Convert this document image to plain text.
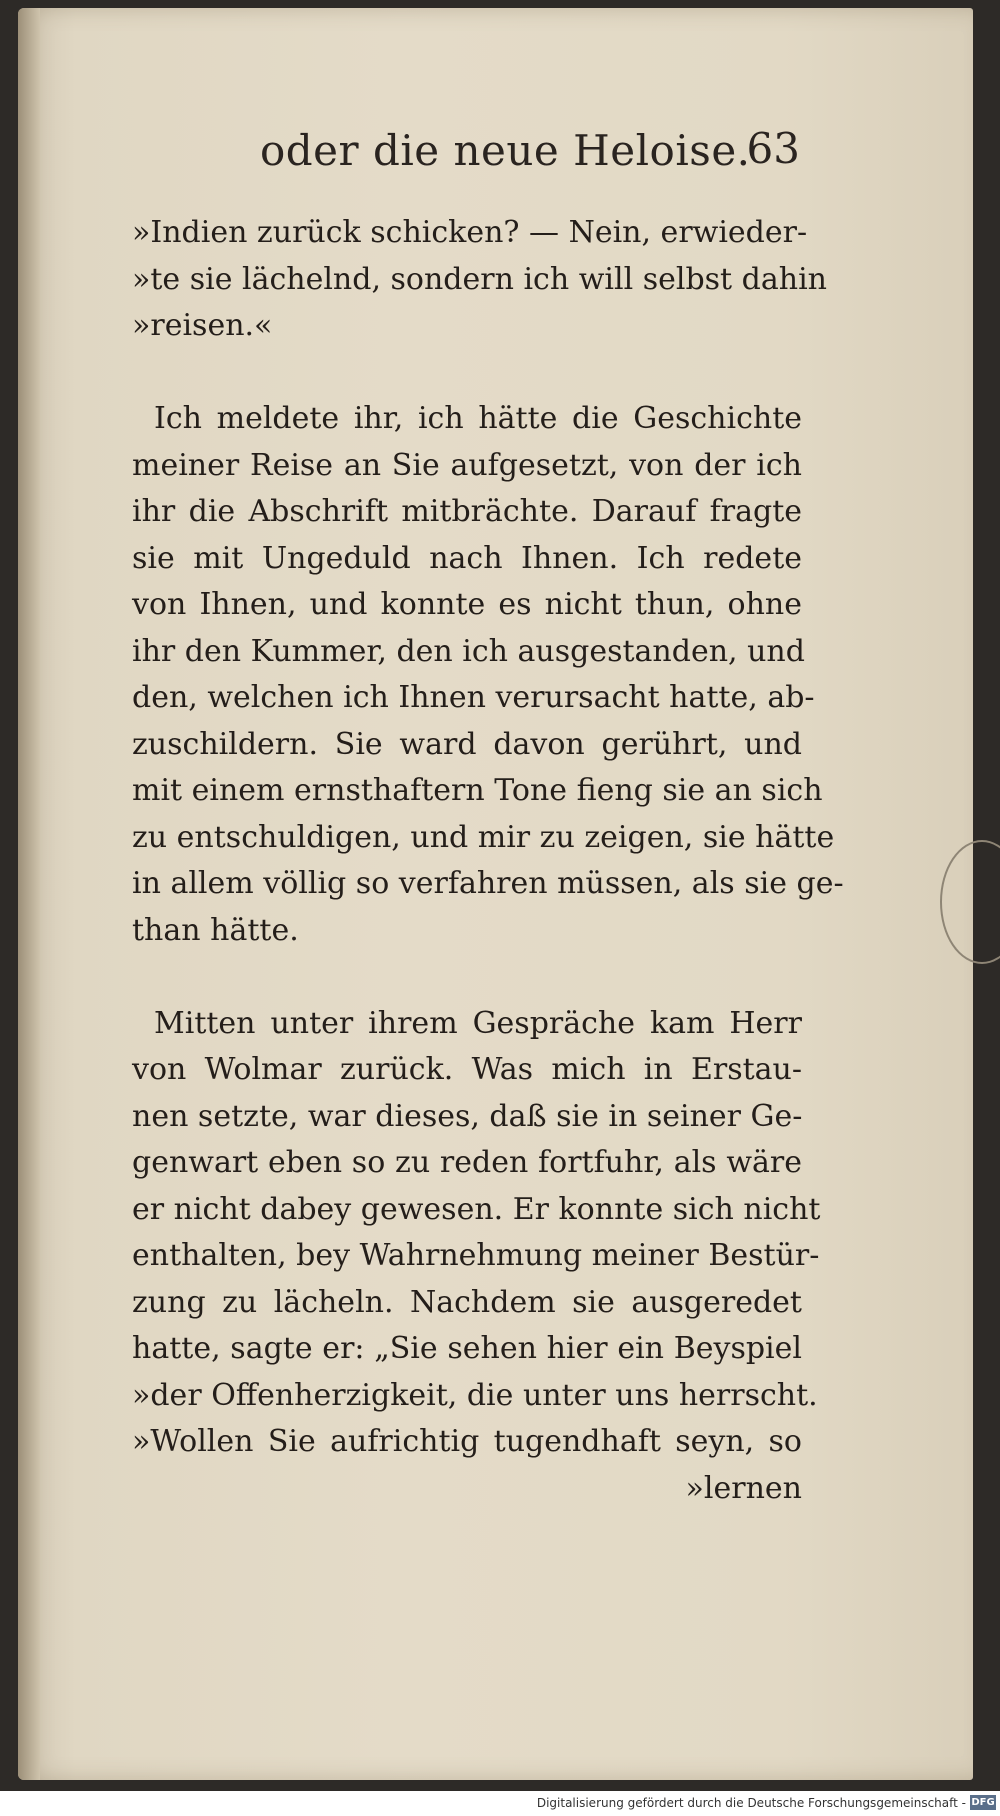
oder die neue Heloise.
63
»Indien zurück schicken? — Nein, erwieder-
»te sie lächelnd, sondern ich will selbst dahin
»reisen.«
Ich meldete ihr, ich hätte die Geschichte
meiner Reise an Sie aufgesetzt, von der ich
ihr die Abschrift mitbrächte. Darauf fragte
sie mit Ungeduld nach Ihnen. Ich redete
von Ihnen, und konnte es nicht thun, ohne
ihr den Kummer, den ich ausgestanden, und
den, welchen ich Ihnen verursacht hatte, ab-
zuschildern. Sie ward davon gerührt, und
mit einem ernsthaftern Tone fieng sie an sich
zu entschuldigen, und mir zu zeigen, sie hätte
in allem völlig so verfahren müssen, als sie ge-
than hätte.
Mitten unter ihrem Gespräche kam Herr
von Wolmar zurück. Was mich in Erstau-
nen setzte, war dieses, daß sie in seiner Ge-
genwart eben so zu reden fortfuhr, als wäre
er nicht dabey gewesen. Er konnte sich nicht
enthalten, bey Wahrnehmung meiner Bestür-
zung zu lächeln. Nachdem sie ausgeredet
hatte, sagte er: „Sie sehen hier ein Beyspiel
»der Offenherzigkeit, die unter uns herrscht.
»Wollen Sie aufrichtig tugendhaft seyn, so
»lernen
Digitalisierung gefördert durch die Deutsche Forschungsgemeinschaft - DFG
